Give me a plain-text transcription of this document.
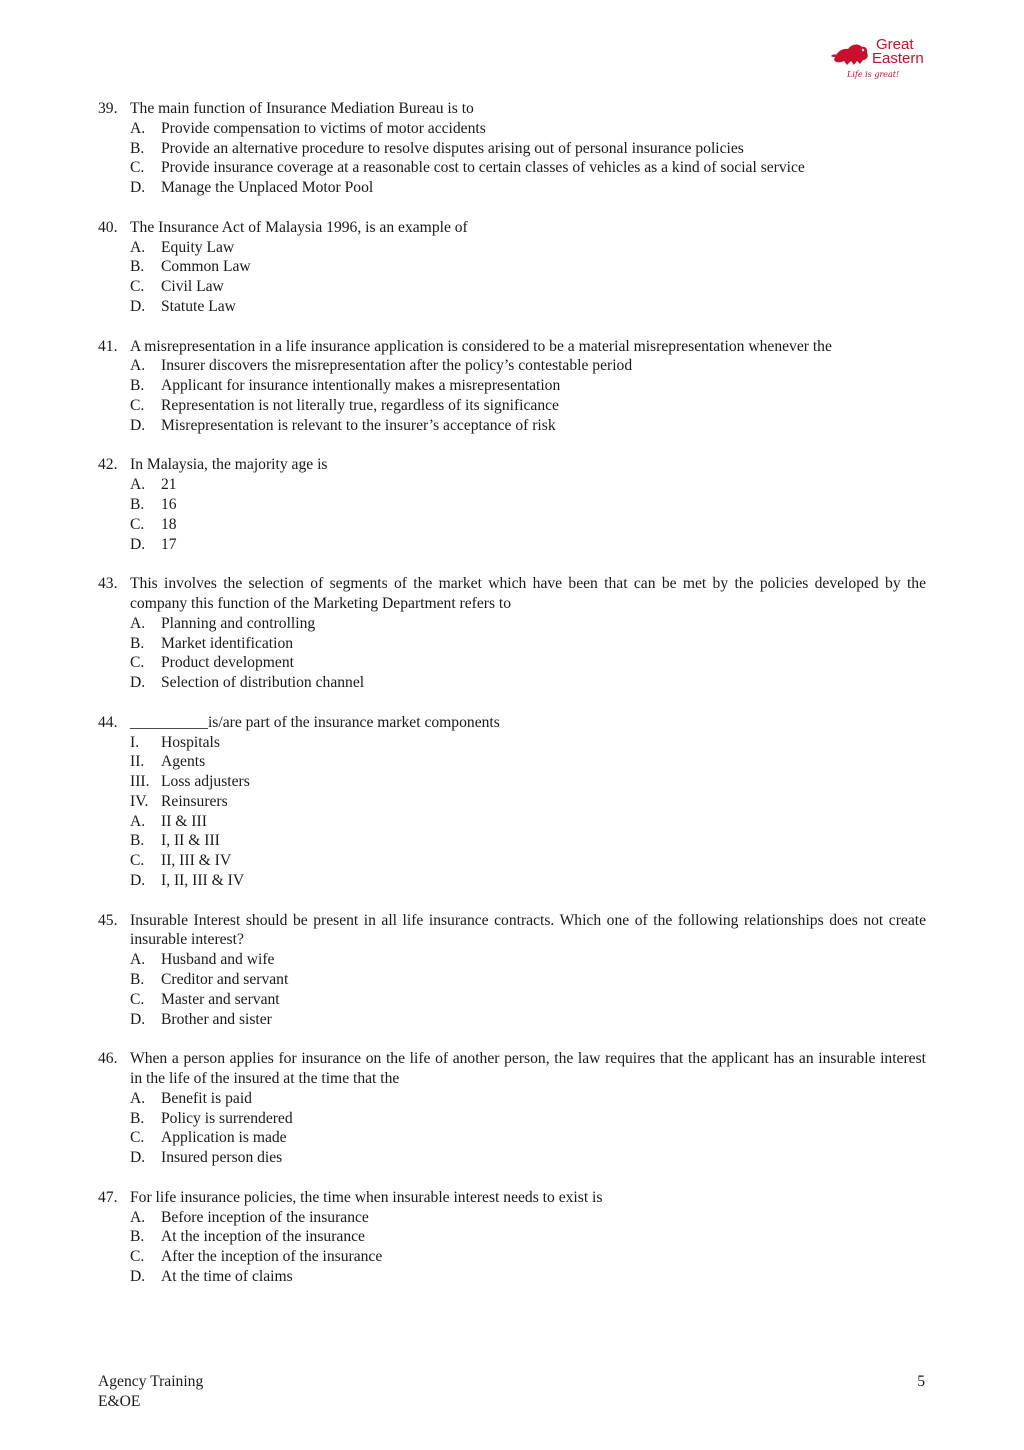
Great
Eastern
Life is great!
39. The main function of Insurance Mediation Bureau is to
A.	Provide compensation to victims of motor accidents
B.	Provide an alternative procedure to resolve disputes arising out of personal insurance policies
C.	Provide insurance coverage at a reasonable cost to certain classes of vehicles as a kind of social service
D.	Manage the Unplaced Motor Pool
40. The Insurance Act of Malaysia 1996, is an example of
A.	Equity Law
B.	Common Law
C.	Civil Law
D.	Statute Law
41. A misrepresentation in a life insurance application is considered to be a material misrepresentation whenever the
A.	Insurer discovers the misrepresentation after the policy’s contestable period
B.	Applicant for insurance intentionally makes a misrepresentation
C.	Representation is not literally true, regardless of its significance
D.	Misrepresentation is relevant to the insurer’s acceptance of risk
42. In Malaysia, the majority age is
A.	21
B.	16
C.	18
D.	17
43. This involves the selection of segments of the market which have been that can be met by the policies developed by the company this function of the Marketing Department refers to
A.	Planning and controlling
B.	Market identification
C.	Product development
D.	Selection of distribution channel
44. __________is/are part of the insurance market components
I.	Hospitals
II.	Agents
III. Loss adjusters
IV. Reinsurers
A.	II & III
B.	I, II & III
C.	II, III & IV
D.	I, II, III & IV
45. Insurable Interest should be present in all life insurance contracts. Which one of the following relationships does not create insurable interest?
A.	Husband and wife
B.	Creditor and servant
C.	Master and servant
D.	Brother and sister
46. When a person applies for insurance on the life of another person, the law requires that the applicant has an insurable interest in the life of the insured at the time that the
A.	Benefit is paid
B.	Policy is surrendered
C.	Application is made
D.	Insured person dies
47. For life insurance policies, the time when insurable interest needs to exist is
A.	Before inception of the insurance
B.	At the inception of the insurance
C.	After the inception of the insurance
D.	At the time of claims
Agency Training
E&OE
5
